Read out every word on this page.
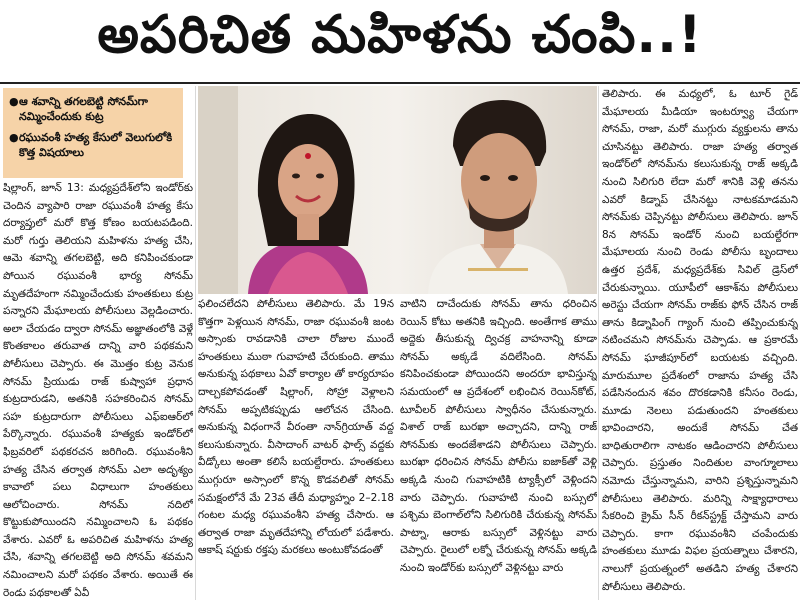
అపరిచిత మహిళను చంపి..!
● ఆ శవాన్ని తగలబెట్టి సోనమ్‌గా నమ్మించేందుకు కుట్ర
● రఘువంశీ హత్య కేసులో వెలుగులోకి కొత్త విషయాలు

షిల్లాంగ్, జూన్ 13: మధ్యప్రదేశ్‌లోని ఇండోర్‌కు చెందిన వ్యాపారి రాజా రఘువంశీ హత్య కేసు దర్యాప్తులో మరో కొత్త కోణం బయటపడింది. మరో గుర్తు తెలియని మహిళను హత్య చేసి, ఆమె శవాన్ని తగలబెట్టి, అది కనిపించకుండా పోయిన రఘువంశీ భార్య సోనమ్ మృతదేహంగా నమ్మించేందుకు హంతకులు కుట్ర పన్నారని మేఘాలయ పోలీసులు వెల్లడించారు. అలా చేయడం ద్వారా సోనమ్ అజ్ఞాతంలోకి వెళ్లే కొంతకాలం తరువాత దాన్ని వారి పథకమని పోలీసులు చెప్పారు. ఈ మొత్తం కుట్ర వెనుక సోనమ్ ప్రియుడు రాజ్ కుష్వాహా ప్రధాన కుట్రదారుడని, అతనికి సహకరించిన సోనమ్ సహ కుట్రదారుగా పోలీసులు ఎఫ్ఐఆర్‌లో పేర్కొన్నారు. రఘువంశీ హత్యకు ఇండోర్‌లో ఫిబ్రవరిలో పథకరచన జరిగింది. రఘువంశీని హత్య చేసిన తర్వాత సోనమ్ ఎలా అదృశ్యం కావాలో పలు విధాలుగా హంతకులు ఆలోచించారు. సోనమ్ నదిలో కొట్టుకుపోయిందని నమ్మించాలని ఓ పథకం వేశారు. ఎవరో ఓ అపరిచిత మహిళను హత్య చేసి, శవాన్ని తగలబెట్టి అది సోనమ్ శవమని నమించాలని మరో పథకం వేశారు. అయితే ఈ రెండు పథకాలతో ఏవీ

ఫలించలేదని పోలీసులు తెలిపారు. మే 19న కొత్తగా పెళ్లయిన సోనమ్, రాజా రఘువంశీ జంట అస్సాంకు రావడానికి చాలా రోజుల ముందే హంతకులు ముఠా గువాహటి చేరుకుంది. తాము అనుకున్న పథకాలు ఏవో కార్యాల తో కార్యరూపం దాల్చకపోవడంతో షిల్లాంగ్, సోహ్రా వెళ్లాలని సోనమ్ అప్పటికప్పుడు ఆలోచన చేసింది. అనుకున్న విధంగానే వీరంతా నాన్‌గ్రియాత్ వద్ద కలుసుకున్నారు. వీసాదాంగ్ వాటర్ ఫాల్స్ వద్దకు వీడ్కోలు అంతా కలిసే బయల్దేరారు. హంతకులు ముగ్గురూ అస్సాంలో కొన్న కొడవలితో సోనమ్ సమక్షంలోనే మే 23వ తేదీ మధ్యాహ్నం 2–2.18 గంటల మధ్య రఘువంశీని హత్య చేసారు. ఆ తర్వాత రాజా మృతదేహాన్ని లోయలో పడేశారు. ఆకాష్ షర్టుకు రక్తపు మరకలు అంటుకోవడంతో

వాటిని దాచేందుకు సోనమ్ తాను ధరించిన రెయిన్ కోటు అతనికి ఇచ్చింది. అంతేగాక తాము అద్దెకు తీసుకున్న ద్విచక్ర వాహనాన్ని కూడా సోనమ్ అక్కడే వదిలేసింది. సోనమ్ కనిపించకుండా పోయిందని అందరూ భావిస్తున్న సమయంలో ఆ ప్రదేశంలో లభించిన రెయిన్‌కోట్, టూవీలర్ పోలీసులు స్వాధీనం చేసుకున్నారు. విశాల్ రాజ్ బురఖా అచ్చాదని, దాన్ని రాజ్ సోనమ్‌కు అందజేశాడని పోలీసులు చెప్పారు. బురఖా ధరించిన సోనమ్ పోలీసు ఐజాక్‌తో వెళ్లి అక్కడి నుంచి గువాహటికి ట్యాక్సీలో వెళ్లిందని వారు చెప్పారు. గువాహటి నుంచి బస్సులో పశ్చిమ బెంగాల్‌లోని సిలిగురికి చేరుకున్న సోనమ్ పాట్నా, ఆరాకు బస్సులో వెళ్లినట్టు వారు చెప్పారు. రైలులో లక్నో చేరుకున్న సోనమ్ అక్కడి నుంచి ఇండోర్‌కు బస్సులో వెళ్లినట్టు వారు

తెలిపారు. ఈ మధ్యలో, ఓ టూర్ గైడ్ మేఘాలయ మీడియా ఇంటర్వ్యూ చేయగా సోనమ్, రాజా, మరో ముగ్గురు వ్యక్తులను తాను చూసినట్టు తెలిపారు. రాజా హత్య తర్వాత ఇండోర్‌లో సోనమ్‌ను కలుసుకున్న రాజ్ అక్కడి నుంచి సిలిగురి లేదా మరో శానికి వెళ్లి తనను ఎవరో కిడ్నాప్ చేసినట్టు నాటకమాడమని సోనమ్‌కు చెప్పినట్టు పోలీసులు తెలిపారు. జూన్ 8న సోనమ్ ఇండోర్ నుంచి బయల్దేరగా మేఘాలయ నుంచి రెండు పోలీసు బృందాలు ఉత్తర ప్రదేశ్, మధ్యప్రదేశ్‌కు సివిల్ డ్రెస్‌లో చేరుకున్నాయి. యూపీలో ఆకాశ్‌ను పోలీసులు అరెస్టు చేయగా సోనమ్ రాజ్‌కు ఫోన్ చేసిన రాజ్ తాను కిడ్నాపింగ్ గ్యాంగ్ నుంచి తప్పించుకున్న నటించమని సోనమ్‌ను చెప్పాడు. ఆ ప్రకారమే సోనమ్ ఘాజీపూర్‌లో బయటకు వచ్చింది. మారుమూల ప్రదేశంలో రాజాను హత్య చేసి పడేసినందున శవం దొరకడానికి కనీసం రెండు, మూడు నెలలు పడుతుందని హంతకులు భావించారని, అందుకే సోనమ్ చేత బాధితురాలిగా నాటకం ఆడించారని పోలీసులు చెప్పారు. ప్రస్తుతం నిందితుల వాంగ్మూలాలు నమోదు చేస్తున్నామని, వారిని ప్రశ్నిస్తున్నామని పోలీసులు తెలిపారు. మరిన్ని సాక్ష్యాధారాలు సేకరించి క్రైమ్ సీన్ రీకన్‌స్ట్రక్ట్ చేస్తామని వారు చెప్పారు. కాగా రఘువంశీని చంపేందుకు హంతకులు మూడు విఫల ప్రయత్నాలు చేశారని, నాలుగో ప్రయత్నంలో అతడిని హత్య చేశారని పోలీసులు తెలిపారు.
